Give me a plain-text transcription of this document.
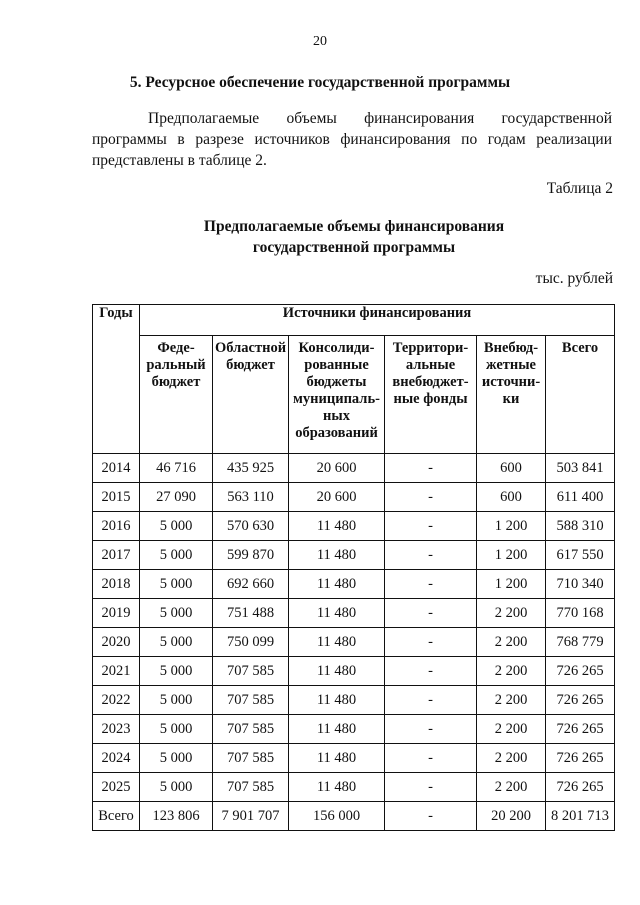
20
5. Ресурсное обеспечение государственной программы

Предполагаемые объемы финансирования государственной программы в разрезе источников финансирования по годам реализации представлены в таблице 2.

Таблица 2
Предполагаемые объемы финансирования
государственной программы
тыс. рублей
Годы	Источники финансирования					
	Феде-ральный бюджет	Областной бюджет	Консолиди-рованные бюджеты муниципаль-ных образований	Территори-альные внебюджет-ные фонды	Внебюд-жетные источни-ки	Всего
2014	46 716	435 925	20 600	-	600	503 841
2015	27 090	563 110	20 600	-	600	611 400
2016	5 000	570 630	11 480	-	1 200	588 310
2017	5 000	599 870	11 480	-	1 200	617 550
2018	5 000	692 660	11 480	-	1 200	710 340
2019	5 000	751 488	11 480	-	2 200	770 168
2020	5 000	750 099	11 480	-	2 200	768 779
2021	5 000	707 585	11 480	-	2 200	726 265
2022	5 000	707 585	11 480	-	2 200	726 265
2023	5 000	707 585	11 480	-	2 200	726 265
2024	5 000	707 585	11 480	-	2 200	726 265
2025	5 000	707 585	11 480	-	2 200	726 265
Всего	123 806	7 901 707	156 000	-	20 200	8 201 713
